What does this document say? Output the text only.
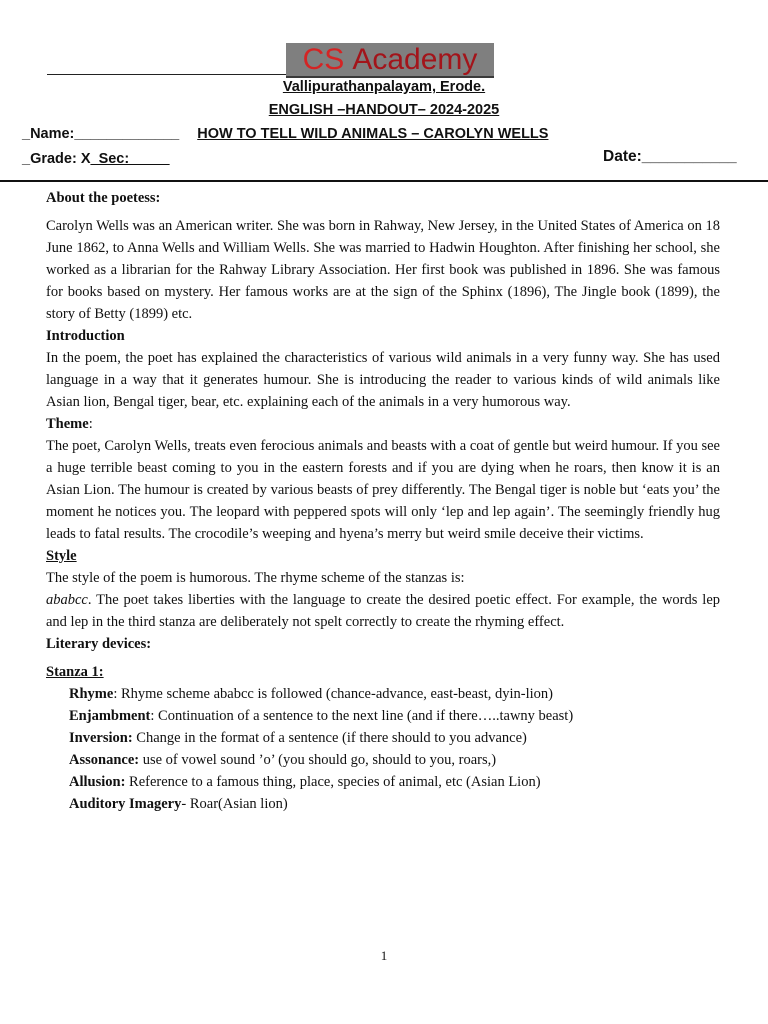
CS Academy
Vallipurathanpalayam, Erode.
ENGLISH –HANDOUT– 2024-2025
_Name:_____________ HOW TO TELL WILD ANIMALS – CAROLYN WELLS
_Grade: X_Sec:_____	Date:___________

About the poetess:

Carolyn Wells was an American writer. She was born in Rahway, New Jersey, in the United States of America on 18 June 1862, to Anna Wells and William Wells. She was married to Hadwin Houghton. After finishing her school, she worked as a librarian for the Rahway Library Association. Her first book was published in 1896. She was famous for books based on mystery. Her famous works are at the sign of the Sphinx (1896), The Jingle book (1899), the story of Betty (1899) etc.

Introduction

In the poem, the poet has explained the characteristics of various wild animals in a very funny way. She has used language in a way that it generates humour. She is introducing the reader to various kinds of wild animals like Asian lion, Bengal tiger, bear, etc. explaining each of the animals in a very humorous way.

Theme:

The poet, Carolyn Wells, treats even ferocious animals and beasts with a coat of gentle but weird humour. If you see a huge terrible beast coming to you in the eastern forests and if you are dying when he roars, then know it is an Asian Lion. The humour is created by various beasts of prey differently. The Bengal tiger is noble but ‘eats you’ the moment he notices you. The leopard with peppered spots will only ‘lep and lep again’. The seemingly friendly hug leads to fatal results. The crocodile’s weeping and hyena’s merry but weird smile deceive their victims.

Style

The style of the poem is humorous. The rhyme scheme of the stanzas is:

ababcc. The poet takes liberties with the language to create the desired poetic effect. For example, the words lep and lep in the third stanza are deliberately not spelt correctly to create the rhyming effect.

Literary devices:

Stanza 1:

Rhyme: Rhyme scheme ababcc is followed (chance-advance, east-beast, dyin-lion)
Enjambment: Continuation of a sentence to the next line (and if there…..tawny beast)
Inversion: Change in the format of a sentence (if there should to you advance)
Assonance: use of vowel sound ’o’ (you should go, should to you, roars,)
Allusion: Reference to a famous thing, place, species of animal, etc (Asian Lion)
Auditory Imagery- Roar(Asian lion)
1
